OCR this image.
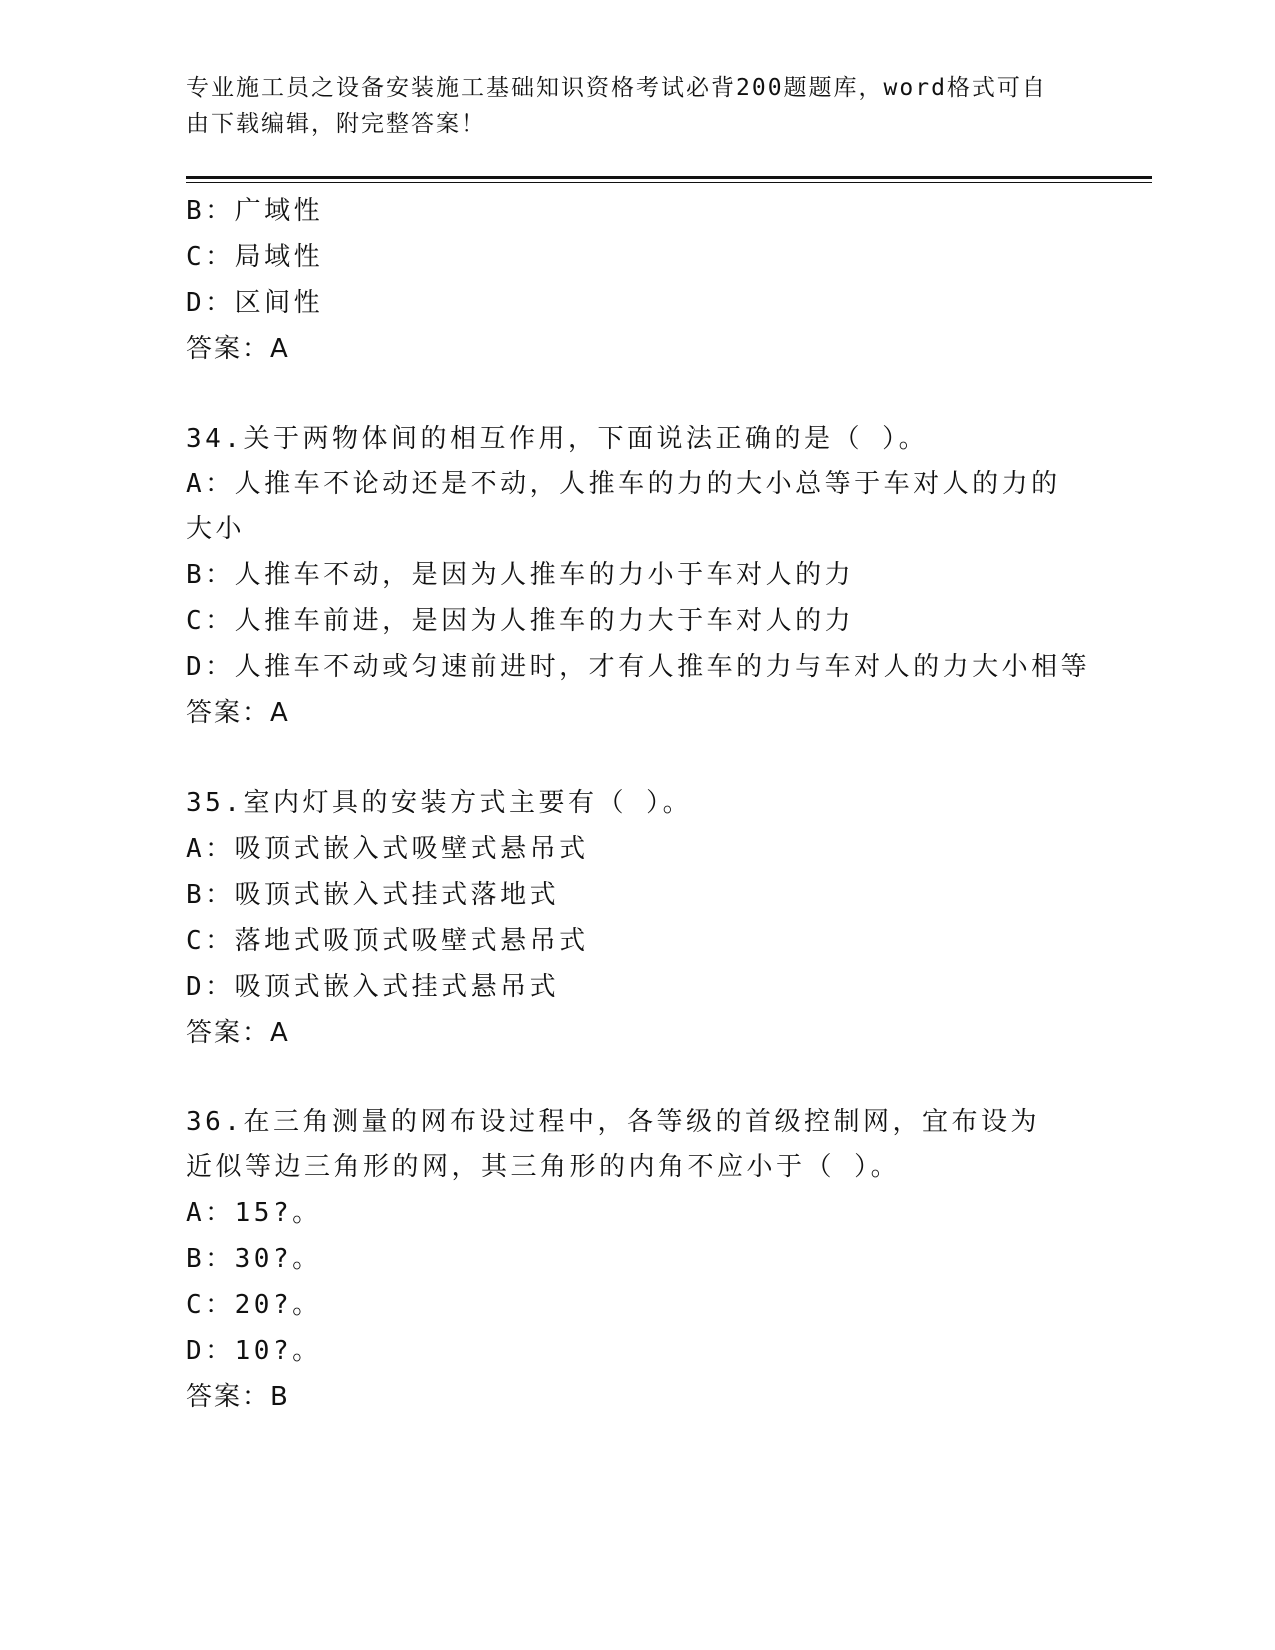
专业施工员之设备安装施工基础知识资格考试必背200题题库，word格式可自由下载编辑，附完整答案！
B：广域性
C：局域性
D：区间性
答案：A
34.关于两物体间的相互作用，下面说法正确的是（ ）。
A：人推车不论动还是不动，人推车的力的大小总等于车对人的力的大小
B：人推车不动，是因为人推车的力小于车对人的力
C：人推车前进，是因为人推车的力大于车对人的力
D：人推车不动或匀速前进时，才有人推车的力与车对人的力大小相等
答案：A
35.室内灯具的安装方式主要有（ ）。
A：吸顶式嵌入式吸壁式悬吊式
B：吸顶式嵌入式挂式落地式
C：落地式吸顶式吸壁式悬吊式
D：吸顶式嵌入式挂式悬吊式
答案：A
36.在三角测量的网布设过程中，各等级的首级控制网，宜布设为近似等边三角形的网，其三角形的内角不应小于（ ）。
A：15?。
B：30?。
C：20?。
D：10?。
答案：B
